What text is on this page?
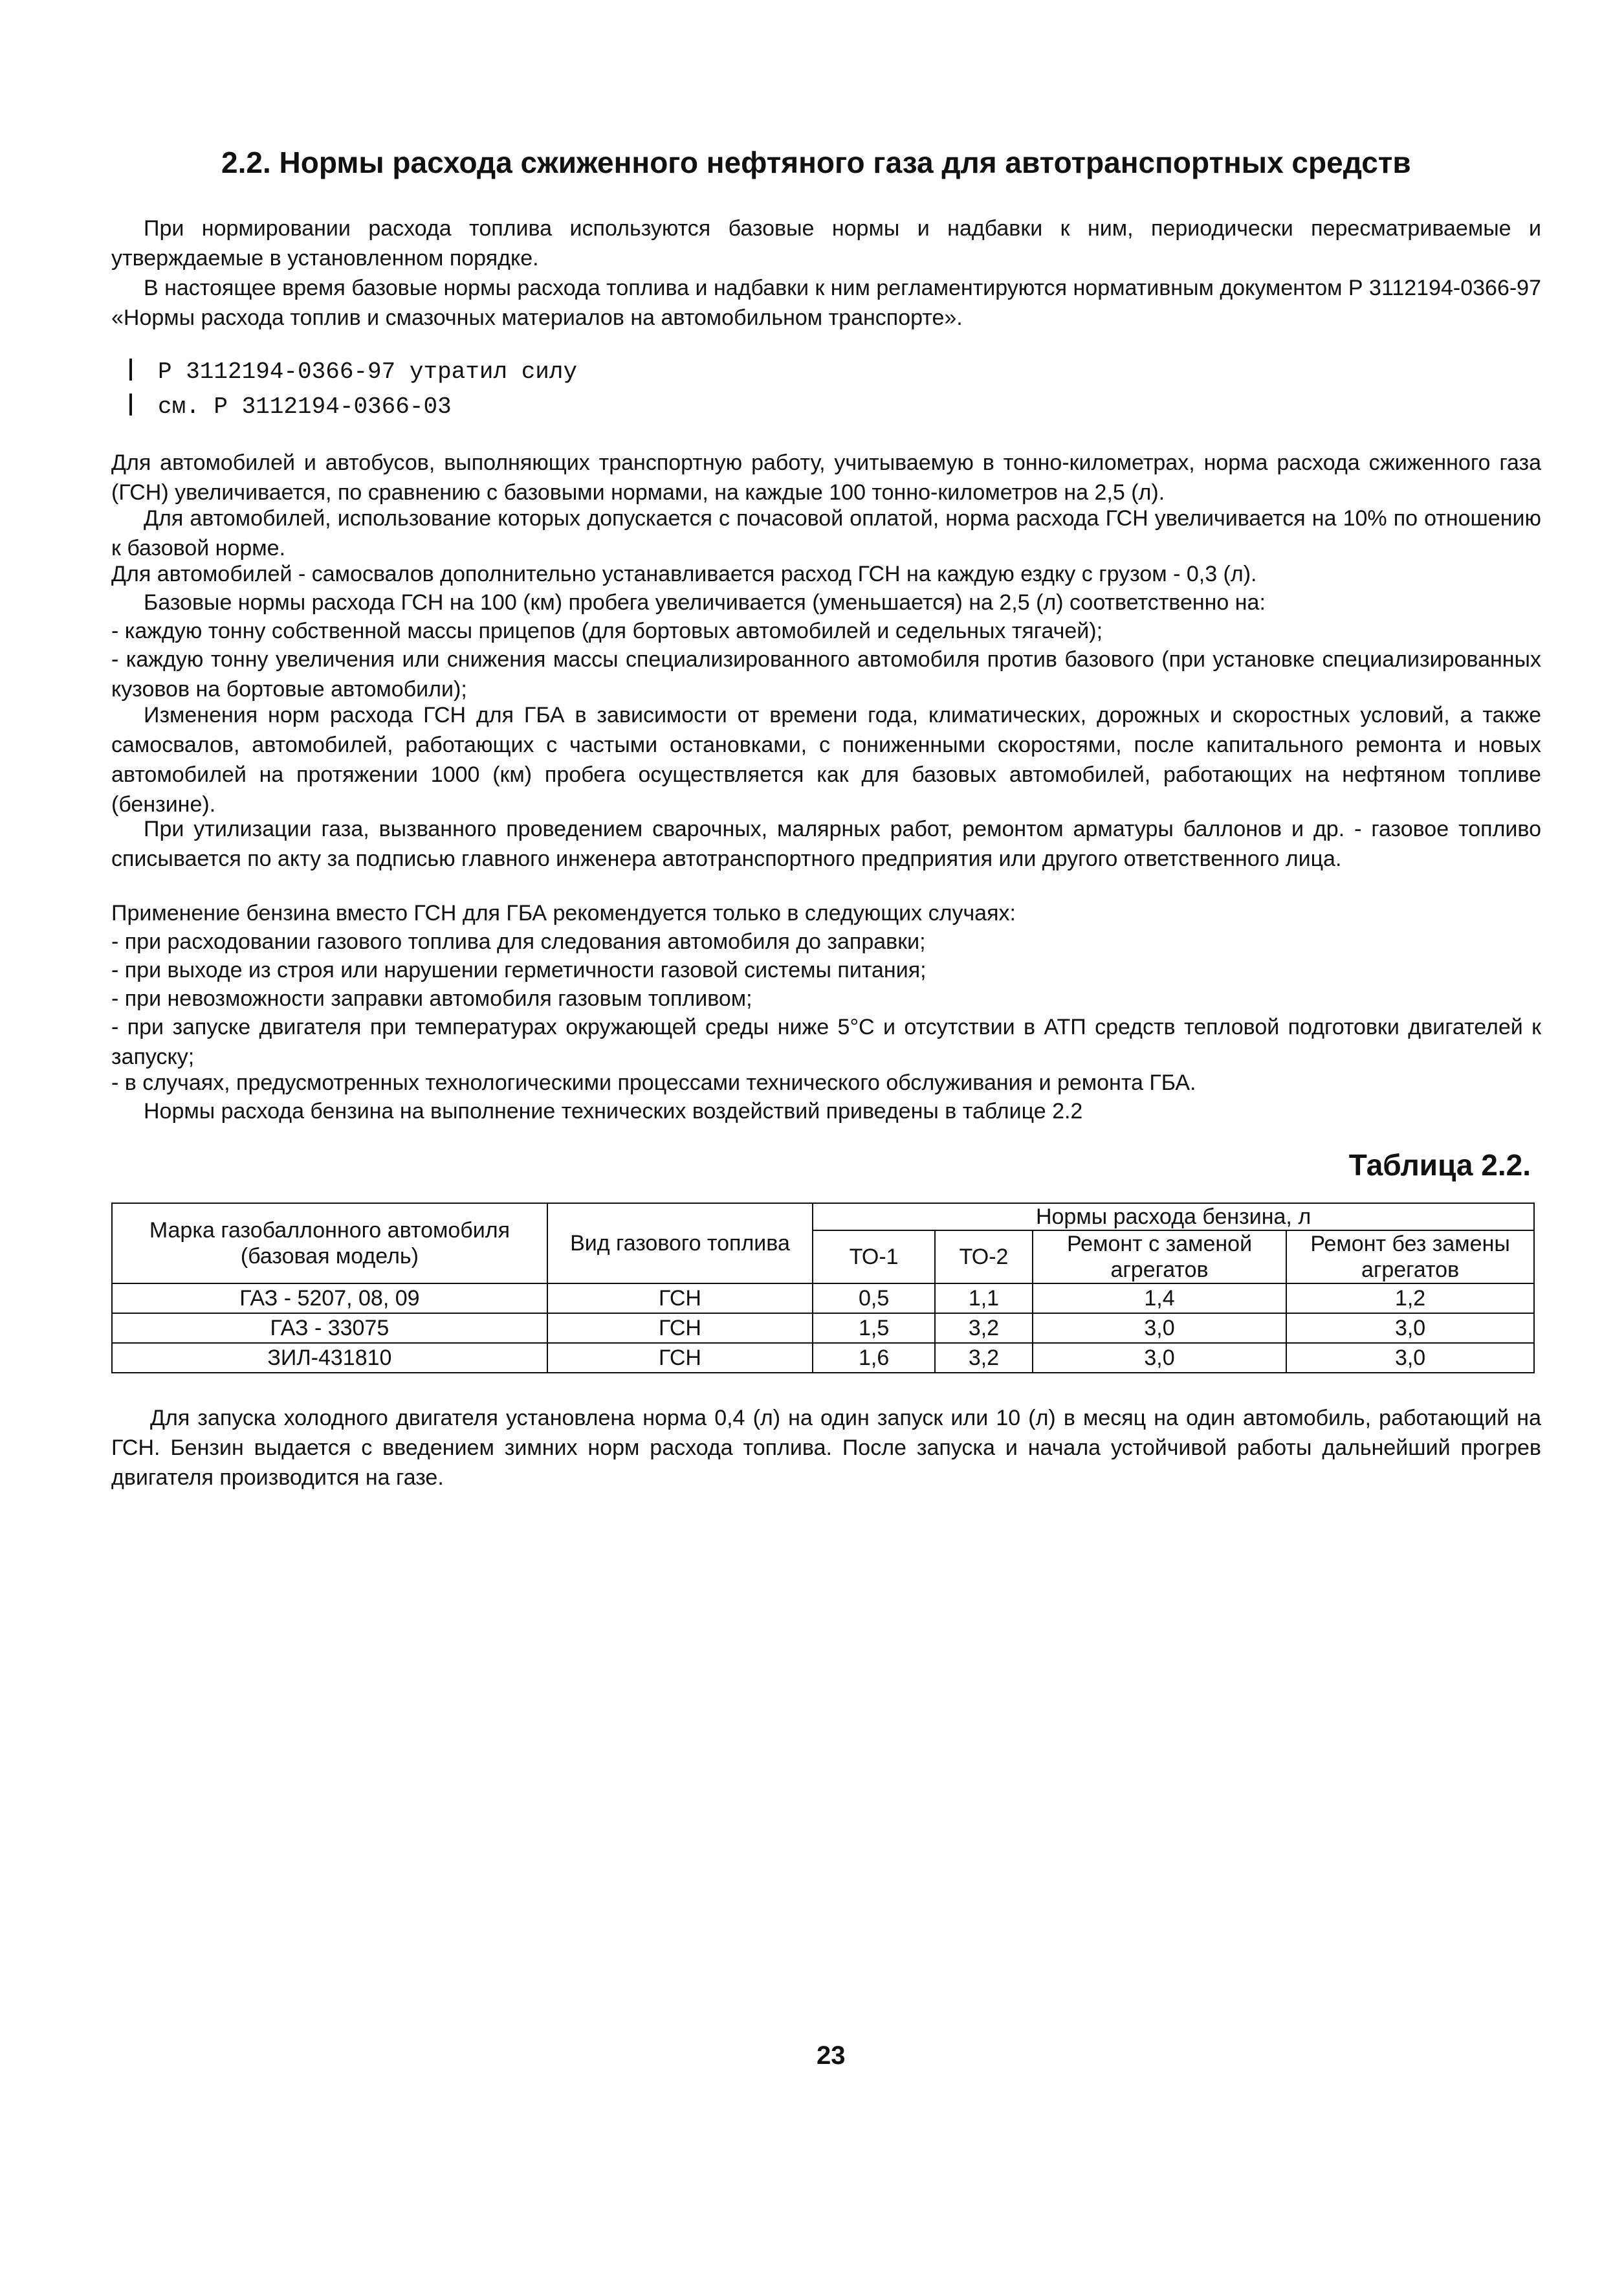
2.2. Нормы расхода сжиженного нефтяного газа для автотранспортных средств

При нормировании расхода топлива используются базовые нормы и надбавки к ним, периодически пересматриваемые и утверждаемые в установленном порядке.

В настоящее время базовые нормы расхода топлива и надбавки к ним регламентируются нормативным документом Р 3112194-0366-97 «Нормы расхода топлив и смазочных материалов на автомобильном транспорте».

Р 3112194-0366-97 утратил силу
см. Р 3112194-0366-03

Для автомобилей и автобусов, выполняющих транспортную работу, учитываемую в тонно-километрах, норма расхода сжиженного газа (ГСН) увеличивается, по сравнению с базовыми нормами, на каждые 100 тонно-километров на 2,5 (л).

Для автомобилей, использование которых допускается с почасовой оплатой, норма расхода ГСН увеличивается на 10% по отношению к базовой норме.

Для автомобилей - самосвалов дополнительно устанавливается расход ГСН на каждую ездку с грузом - 0,3 (л).

Базовые нормы расхода ГСН на 100 (км) пробега увеличивается (уменьшается) на 2,5 (л) соответственно на:

- каждую тонну собственной массы прицепов (для бортовых автомобилей и седельных тягачей);

- каждую тонну увеличения или снижения массы специализированного автомобиля против базового (при установке специализированных кузовов на бортовые автомобили);

Изменения норм расхода ГСН для ГБА в зависимости от времени года, климатических, дорожных и скоростных условий, а также самосвалов, автомобилей, работающих с частыми остановками, с пониженными скоростями, после капитального ремонта и новых автомобилей на протяжении 1000 (км) пробега осуществляется как для базовых автомобилей, работающих на нефтяном топливе (бензине).

При утилизации газа, вызванного проведением сварочных, малярных работ, ремонтом арматуры баллонов и др. - газовое топливо списывается по акту за подписью главного инженера автотранспортного предприятия или другого ответственного лица.

Применение бензина вместо ГСН для ГБА рекомендуется только в следующих случаях:

- при расходовании газового топлива для следования автомобиля до заправки;

- при выходе из строя или нарушении герметичности газовой системы питания;

- при невозможности заправки автомобиля газовым топливом;

- при запуске двигателя при температурах окружающей среды ниже 5°С и отсутствии в АТП средств тепловой подготовки двигателей к запуску;

- в случаях, предусмотренных технологическими процессами технического обслуживания и ремонта ГБА.

Нормы расхода бензина на выполнение технических воздействий приведены в таблице 2.2

Таблица 2.2.
Марка газобаллонного автомобиля (базовая модель)	Вид газового топлива	Нормы расхода бензина, л			
		ТО-1	ТО-2	Ремонт с заменой агрегатов	Ремонт без замены агрегатов
ГАЗ - 5207, 08, 09	ГСН	0,5	1,1	1,4	1,2
ГАЗ - 33075	ГСН	1,5	3,2	3,0	3,0
ЗИЛ-431810	ГСН	1,6	3,2	3,0	3,0

Для запуска холодного двигателя установлена норма 0,4 (л) на один запуск или 10 (л) в месяц на один автомобиль, работающий на ГСН. Бензин выдается с введением зимних норм расхода топлива. После запуска и начала устойчивой работы дальнейший прогрев двигателя производится на газе.

23
